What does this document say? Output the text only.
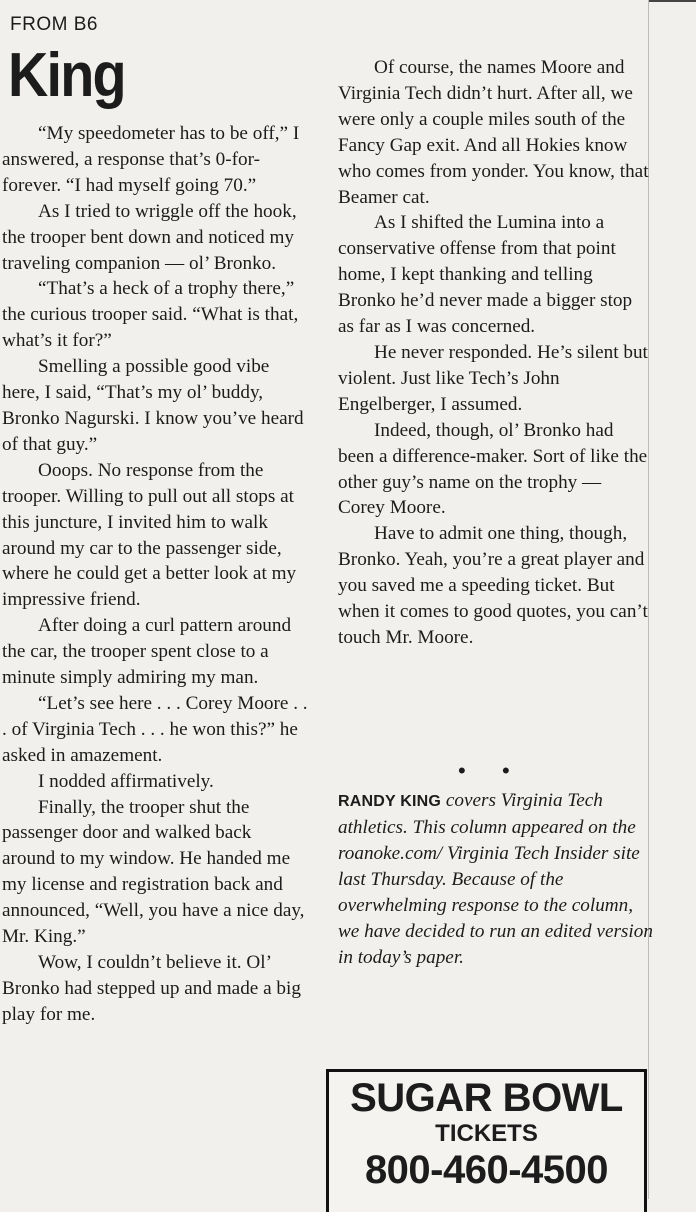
FROM B6
King

“My speedometer has to be off,” I answered, a response that’s 0-for-forever. “I had myself going 70.”

As I tried to wriggle off the hook, the trooper bent down and noticed my traveling companion — ol’ Bronko.

“That’s a heck of a trophy there,” the curious trooper said. “What is that, what’s it for?”

Smelling a possible good vibe here, I said, “That’s my ol’ buddy, Bronko Nagurski. I know you’ve heard of that guy.”

Ooops. No response from the trooper. Willing to pull out all stops at this juncture, I invited him to walk around my car to the passenger side, where he could get a better look at my impressive friend.

After doing a curl pattern around the car, the trooper spent close to a minute simply admiring my man.

“Let’s see here . . . Corey Moore . . . of Virginia Tech . . . he won this?” he asked in amazement.

I nodded affirmatively.

Finally, the trooper shut the passenger door and walked back around to my window. He handed me my license and registration back and announced, “Well, you have a nice day, Mr. King.”

Wow, I couldn’t believe it. Ol’ Bronko had stepped up and made a big play for me.

Of course, the names Moore and Virginia Tech didn’t hurt. After all, we were only a couple miles south of the Fancy Gap exit. And all Hokies know who comes from yonder. You know, that Beamer cat.

As I shifted the Lumina into a conservative offense from that point home, I kept thanking and telling Bronko he’d never made a bigger stop as far as I was concerned.

He never responded. He’s silent but violent. Just like Tech’s John Engelberger, I assumed.

Indeed, though, ol’ Bronko had been a difference-maker. Sort of like the other guy’s name on the trophy — Corey Moore.

Have to admit one thing, though, Bronko. Yeah, you’re a great player and you saved me a speeding ticket. But when it comes to good quotes, you can’t touch Mr. Moore.

• •
RANDY KING covers Virginia Tech athletics. This column appeared on the roanoke.com/ Virginia Tech Insider site last Thursday. Because of the overwhelming response to the column, we have decided to run an edited version in today’s paper.
SUGAR BOWL
TICKETS
800-460-4500
